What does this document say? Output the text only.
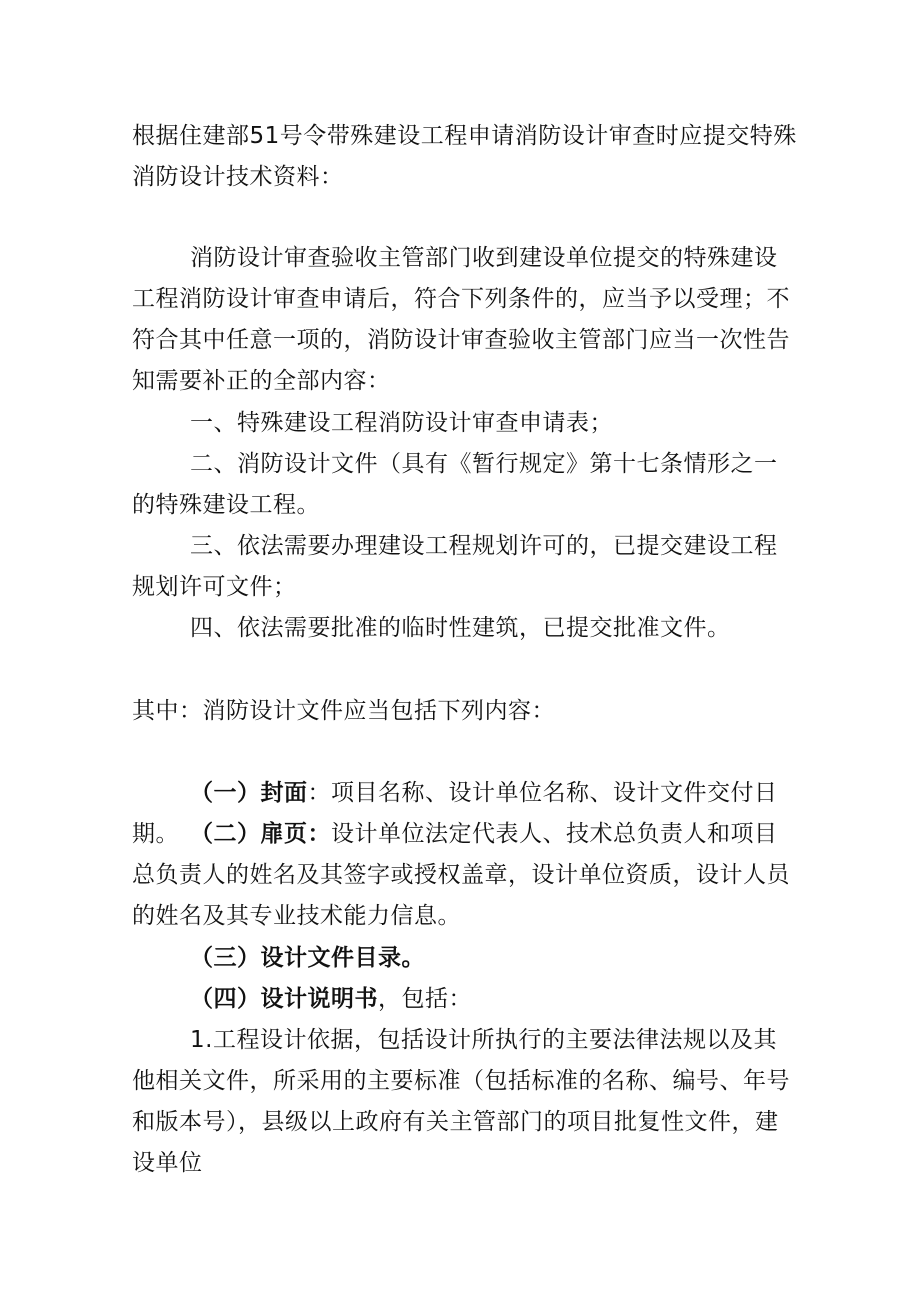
根据住建部51号令带殊建设工程申请消防设计审查时应提交特殊消防设计技术资料：

消防设计审查验收主管部门收到建设单位提交的特殊建设工程消防设计审查申请后，符合下列条件的，应当予以受理；不符合其中任意一项的，消防设计审查验收主管部门应当一次性告知需要补正的全部内容：

一、特殊建设工程消防设计审查申请表；

二、消防设计文件（具有《暂行规定》第十七条情形之一的特殊建设工程。

三、依法需要办理建设工程规划许可的，已提交建设工程规划许可文件；

四、依法需要批准的临时性建筑，已提交批准文件。

其中：消防设计文件应当包括下列内容：

（一）封面：项目名称、设计单位名称、设计文件交付日期。 （二）扉页：设计单位法定代表人、技术总负责人和项目总负责人的姓名及其签字或授权盖章，设计单位资质，设计人员的姓名及其专业技术能力信息。

（三）设计文件目录。

（四）设计说明书，包括：

1.工程设计依据，包括设计所执行的主要法律法规以及其他相关文件，所采用的主要标准（包括标准的名称、编号、年号和版本号），县级以上政府有关主管部门的项目批复性文件，建设单位
